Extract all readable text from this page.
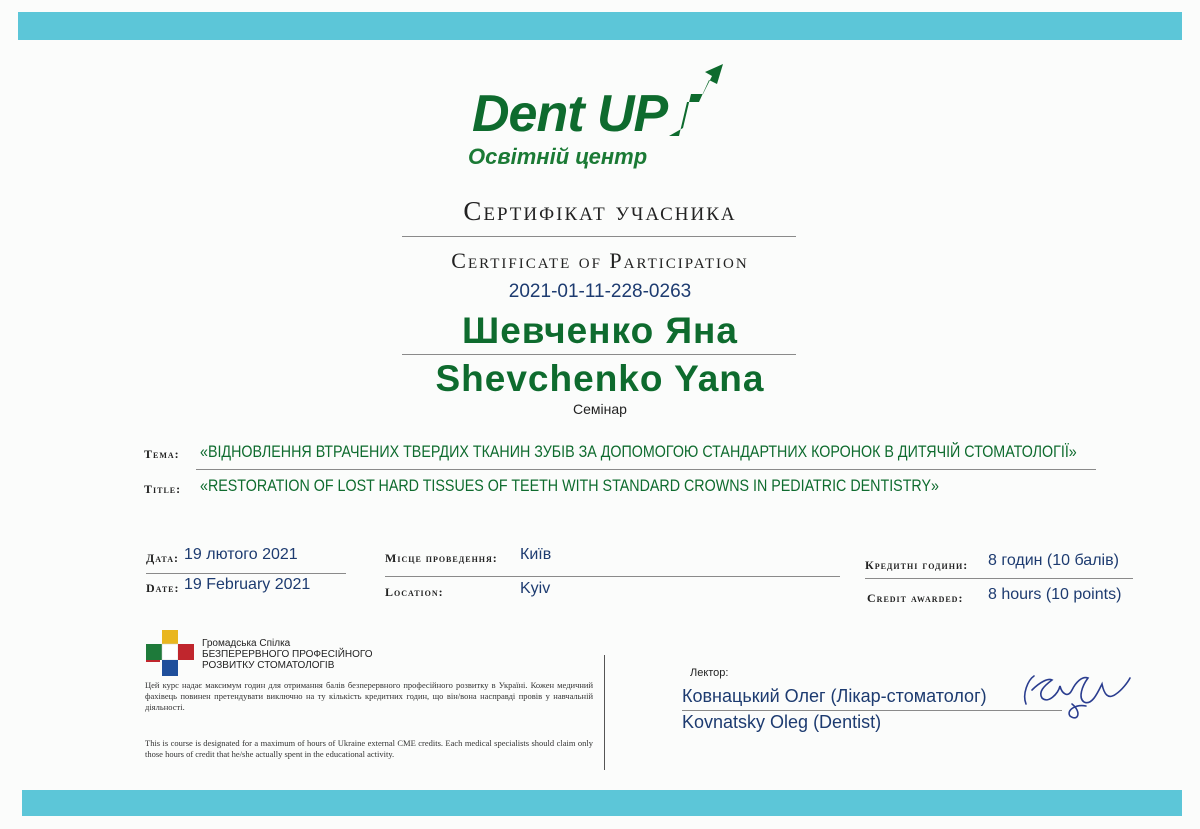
Dent UP
Освітній центр
Сертифікат учасника
Certificate of Participation
2021-01-11-228-0263
Шевченко Яна
Shevchenko Yana
Семінар
Тема: «ВІДНОВЛЕННЯ ВТРАЧЕНИХ ТВЕРДИХ ТКАНИН ЗУБІВ ЗА ДОПОМОГОЮ СТАНДАРТНИХ КОРОНОК В ДИТЯЧІЙ СТОМАТОЛОГІЇ»
Title: «RESTORATION OF LOST HARD TISSUES OF TEETH WITH STANDARD CROWNS IN PEDIATRIC DENTISTRY»
Дата: 19 лютого 2021
Date: 19 February 2021
Місце проведення: Київ
Location:	Kyiv
Кредитні години: 8 годин (10 балів)
Credit awarded: 8 hours (10 points)
Громадська Спілка
БЕЗПЕРЕРВНОГО ПРОФЕСІЙНОГО
РОЗВИТКУ СТОМАТОЛОГІВ
Цей курс надає максимум годин для отримання балів безперервного професійного розвитку в Україні. Кожен медичний фахівець повинен претендувати виключно на ту кількість кредитних годин, що він/вона насправді провів у навчальній діяльності.
This is course is designated for a maximum of hours of Ukraine external CME credits. Each medical specialists should claim only those hours of credit that he/she actually spent in the educational activity.
Лектор:
Ковнацький Олег (Лікар-стоматолог)
Kovnatsky Oleg (Dentist)
